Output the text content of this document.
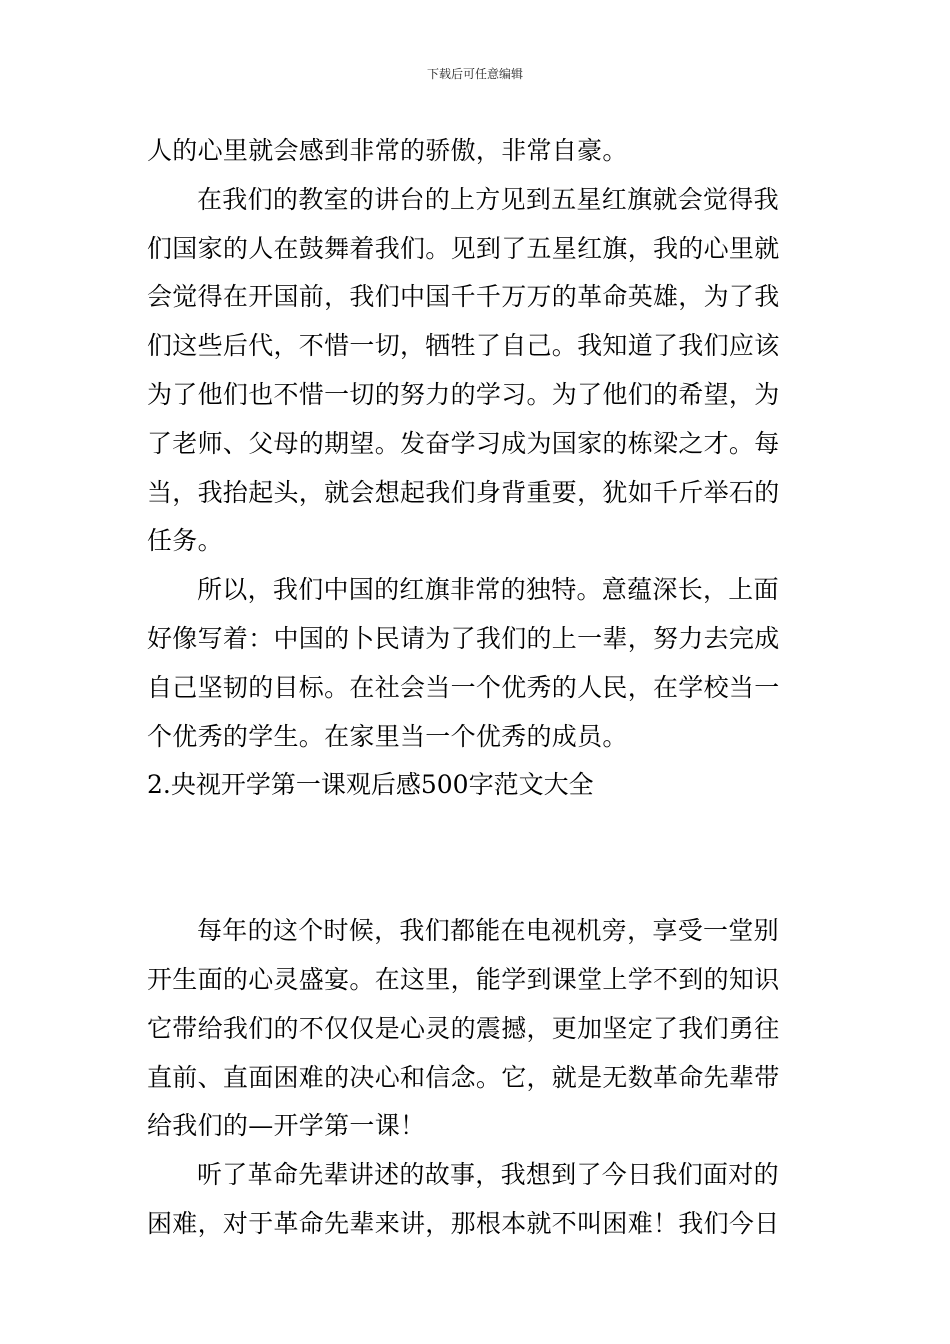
下载后可任意编辑

人的心里就会感到非常的骄傲，非常自豪。

在我们的教室的讲台的上方见到五星红旗就会觉得我

们国家的人在鼓舞着我们。见到了五星红旗，我的心里就

会觉得在开国前，我们中国千千万万的革命英雄，为了我

们这些后代，不惜一切，牺牲了自己。我知道了我们应该

为了他们也不惜一切的努力的学习。为了他们的希望，为

了老师、父母的期望。发奋学习成为国家的栋梁之才。每

当，我抬起头，就会想起我们身背重要，犹如千斤举石的

任务。

所以，我们中国的红旗非常的独特。意蕴深长，上面

好像写着：中国的卜民请为了我们的上一辈，努力去完成

自己坚韧的目标。在社会当一个优秀的人民，在学校当一

个优秀的学生。在家里当一个优秀的成员。

2.央视开学第一课观后感500字范文大全

每年的这个时候，我们都能在电视机旁，享受一堂别

开生面的心灵盛宴。在这里，能学到课堂上学不到的知识

它带给我们的不仅仅是心灵的震撼，更加坚定了我们勇往

直前、直面困难的决心和信念。它，就是无数革命先辈带

给我们的—开学第一课！

听了革命先辈讲述的故事，我想到了今日我们面对的

困难，对于革命先辈来讲，那根本就不叫困难！我们今日
